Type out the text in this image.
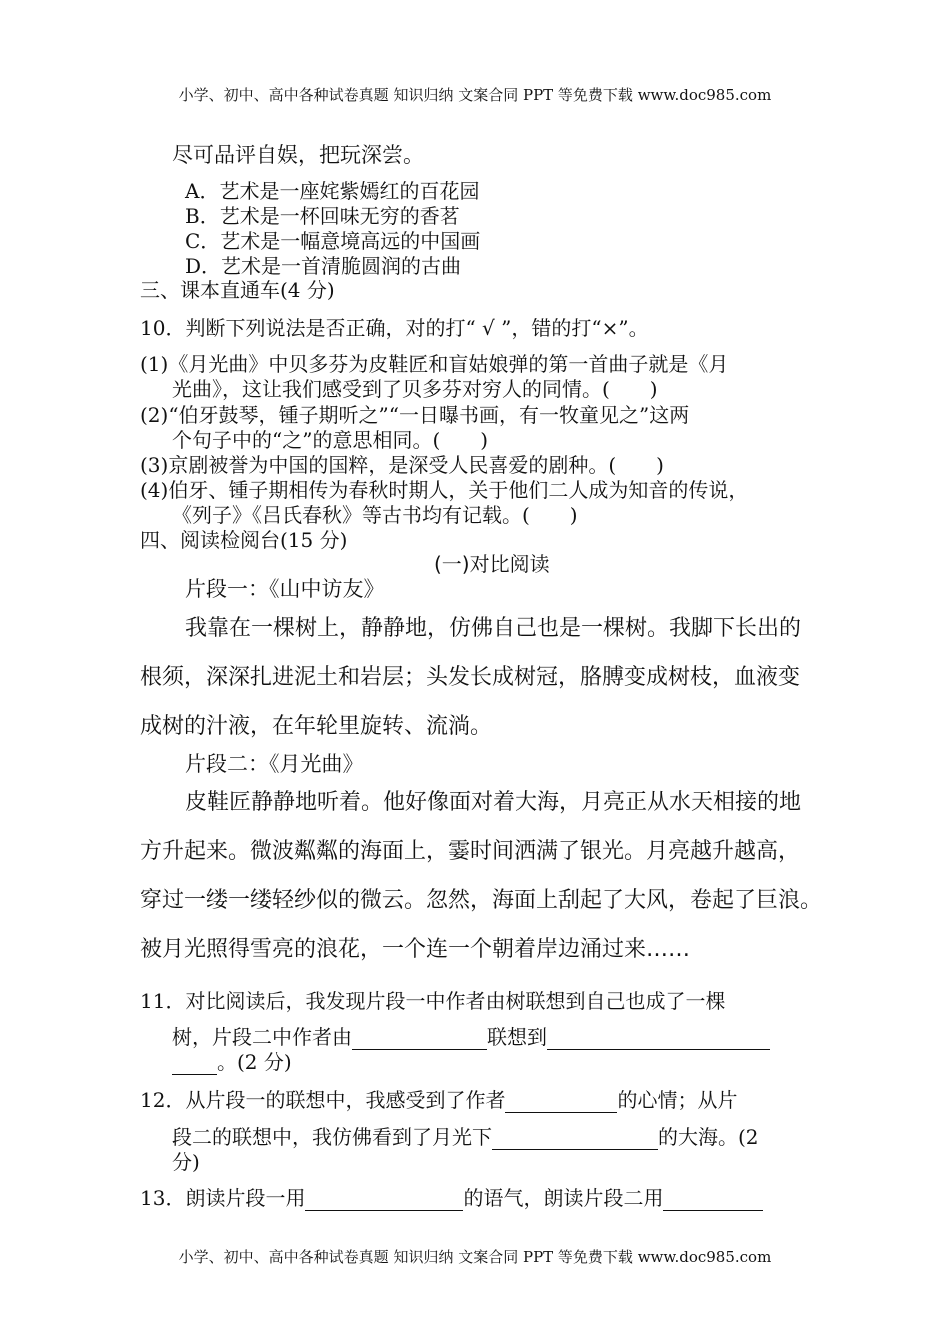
小学、初中、高中各种试卷真题 知识归纳 文案合同 PPT 等免费下载 www.doc985.com
尽可品评自娱，把玩深尝。
A．艺术是一座姹紫嫣红的百花园
B．艺术是一杯回味无穷的香茗
C．艺术是一幅意境高远的中国画
D．艺术是一首清脆圆润的古曲
三、课本直通车(4 分)
10．判断下列说法是否正确，对的打“ √ ”，错的打“×”。
(1)《月光曲》中贝多芬为皮鞋匠和盲姑娘弹的第一首曲子就是《月
光曲》，这让我们感受到了贝多芬对穷人的同情。(　　)
(2)“伯牙鼓琴，锺子期听之”“一日曝书画，有一牧童见之”这两
个句子中的“之”的意思相同。(　　)
(3)京剧被誉为中国的国粹，是深受人民喜爱的剧种。(　　)
(4)伯牙、锺子期相传为春秋时期人，关于他们二人成为知音的传说，
《列子》《吕氏春秋》等古书均有记载。(　　)
四、阅读检阅台(15 分)
(一)对比阅读
片段一：《山中访友》
我靠在一棵树上，静静地，仿佛自己也是一棵树。我脚下长出的
根须，深深扎进泥土和岩层；头发长成树冠，胳膊变成树枝，血液变
成树的汁液，在年轮里旋转、流淌。
片段二：《月光曲》
皮鞋匠静静地听着。他好像面对着大海，月亮正从水天相接的地
方升起来。微波粼粼的海面上，霎时间洒满了银光。月亮越升越高，
穿过一缕一缕轻纱似的微云。忽然，海面上刮起了大风，卷起了巨浪。
被月光照得雪亮的浪花，一个连一个朝着岸边涌过来……
11．对比阅读后，我发现片段一中作者由树联想到自己也成了一棵
树，片段二中作者由	联想到
。(2 分)
12．从片段一的联想中，我感受到了作者	的心情；从片
段二的联想中，我仿佛看到了月光下	的大海。(2
分)
13．朗读片段一用	的语气，朗读片段二用
小学、初中、高中各种试卷真题 知识归纳 文案合同 PPT 等免费下载 www.doc985.com
